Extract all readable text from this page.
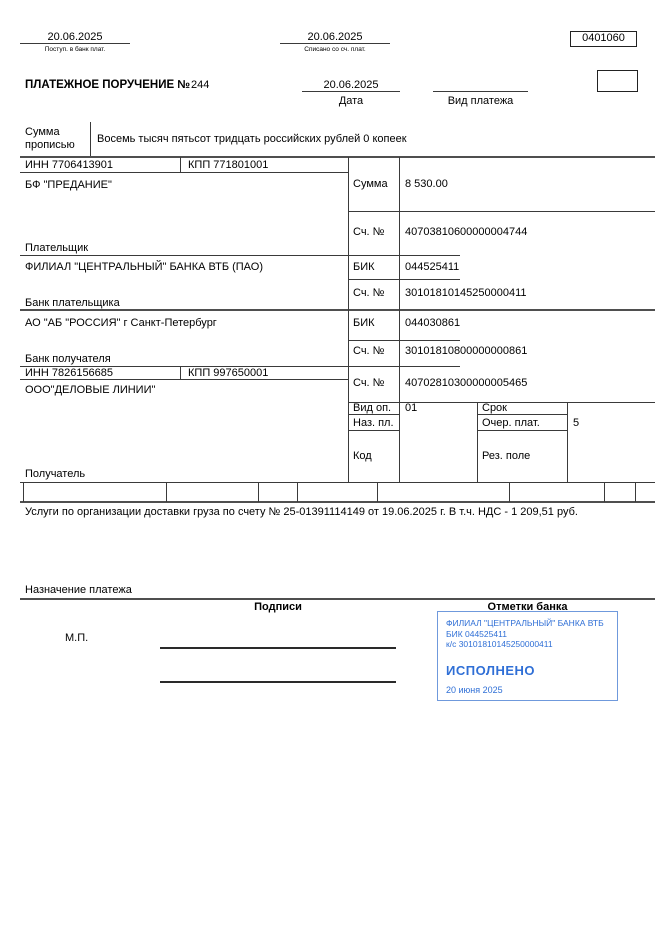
20.06.2025
Поступ. в банк плат.
20.06.2025
Списано со сч. плат.
0401060
ПЛАТЕЖНОЕ ПОРУЧЕНИЕ № 244	20.06.2025
Дата	Вид платежа
Сумма
прописью Восемь тысяч пятьсот тридцать российских рублей 0 копеек
ИНН 7706413901	КПП 771801001
БФ "ПРЕДАНИЕ"
Плательщик
Сумма 8 530.00
Сч. № 40703810600000004744
ФИЛИАЛ "ЦЕНТРАЛЬНЫЙ" БАНКА ВТБ (ПАО)
Банк плательщика
БИК	044525411
Сч. № 30101810145250000411
АО "АБ "РОССИЯ" г Санкт-Петербург
Банк получателя
БИК	044030861
Сч. № 30101810800000000861
ИНН 7826156685	КПП 997650001
ООО"ДЕЛОВЫЕ ЛИНИИ"
Получатель
Сч. № 40702810300000005465
Вид оп. 01	Срок
Наз. пл.	Очер. плат.	5
Код	Рез. поле
Услуги по организации доставки груза по счету № 25-01391114149 от 19.06.2025 г. В т.ч. НДС - 1 209,51 руб.
Назначение платежа
Подписи	Отметки банка
М.П.
ФИЛИАЛ "ЦЕНТРАЛЬНЫЙ" БАНКА ВТБ
БИК 044525411
к/с 30101810145250000411
ИСПОЛНЕНО
20 июня 2025
